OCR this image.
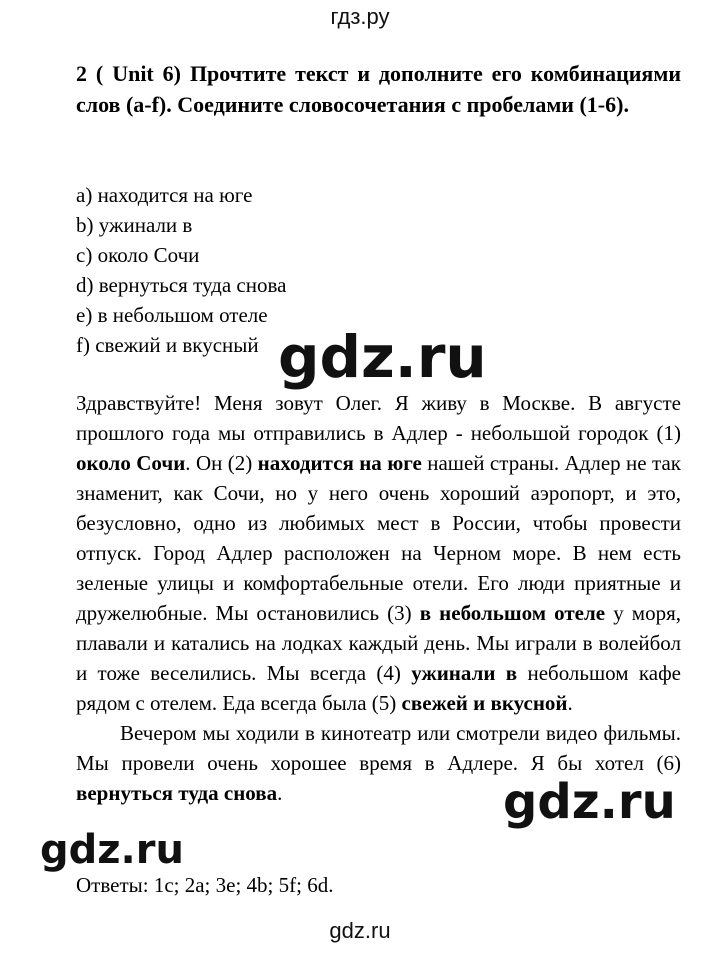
гдз.ру
2 ( Unit 6) Прочтите текст и дополните его комбинациями слов (a-f). Соедините словосочетания с пробелами (1-6).
a) находится на юге
b) ужинали в
c) около Сочи
d) вернуться туда снова
e) в небольшом отеле
f) свежий и вкусный

Здравствуйте! Меня зовут Олег. Я живу в Москве. В августе прошлого года мы отправились в Адлер - небольшой городок (1) около Сочи. Он (2) находится на юге нашей страны. Адлер не так знаменит, как Сочи, но у него очень хороший аэропорт, и это, безусловно, одно из любимых мест в России, чтобы провести отпуск. Город Адлер расположен на Черном море. В нем есть зеленые улицы и комфортабельные отели. Его люди приятные и дружелюбные. Мы остановились (3) в небольшом отеле у моря, плавали и катались на лодках каждый день. Мы играли в волейбол и тоже веселились. Мы всегда (4) ужинали в небольшом кафе рядом с отелем. Еда всегда была (5) свежей и вкусной.

Вечером мы ходили в кинотеатр или смотрели видео фильмы. Мы провели очень хорошее время в Адлере. Я бы хотел (6) вернуться туда снова.

Ответы: 1c; 2a; 3e; 4b; 5f; 6d.
gdz.ru
gdz.ru
gdz.ru
gdz.ru
